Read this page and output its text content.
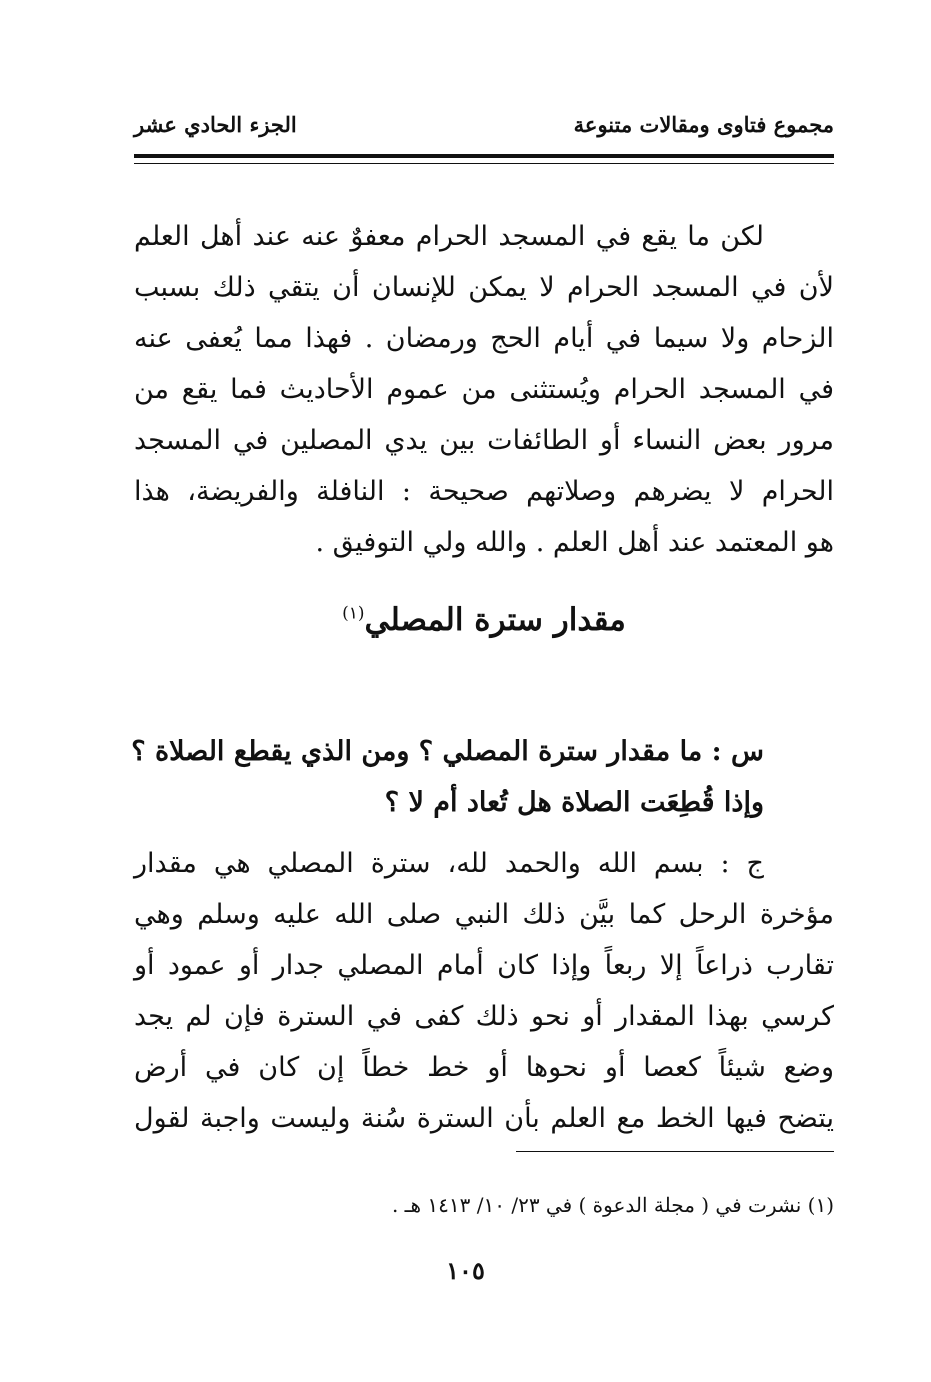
مجموع فتاوى ومقالات متنوعة
الجزء الحادي عشر
لكن ما يقع في المسجد الحرام معفوٌ عنه عند أهل العلم
لأن في المسجد الحرام لا يمكن للإنسان أن يتقي ذلك بسبب
الزحام ولا سيما في أيام الحج ورمضان . فهذا مما يُعفى عنه
في المسجد الحرام ويُستثنى من عموم الأحاديث فما يقع من
مرور بعض النساء أو الطائفات بين يدي المصلين في المسجد
الحرام لا يضرهم وصلاتهم صحيحة : النافلة والفريضة، هذا
هو المعتمد عند أهل العلم . والله ولي التوفيق .
مقدار سترة المصلي$^{(١)}$
س : ما مقدار سترة المصلي ؟ ومن الذي يقطع الصلاة ؟
وإذا قُطِعَت الصلاة هل تُعاد أم لا ؟
ج : بسم الله والحمد لله، سترة المصلي هي مقدار
مؤخرة الرحل كما بيَّن ذلك النبي صلى الله عليه وسلم وهي
تقارب ذراعاً إلا ربعاً وإذا كان أمام المصلي جدار أو عمود أو
كرسي بهذا المقدار أو نحو ذلك كفى في السترة فإن لم يجد
وضع شيئاً كعصا أو نحوها أو خط خطاً إن كان في أرض
يتضح فيها الخط مع العلم بأن السترة سُنة وليست واجبة لقول
(١) نشرت في ( مجلة الدعوة ) في ٢٣/ ١٠/ ١٤١٣ هـ .
١٠٥
